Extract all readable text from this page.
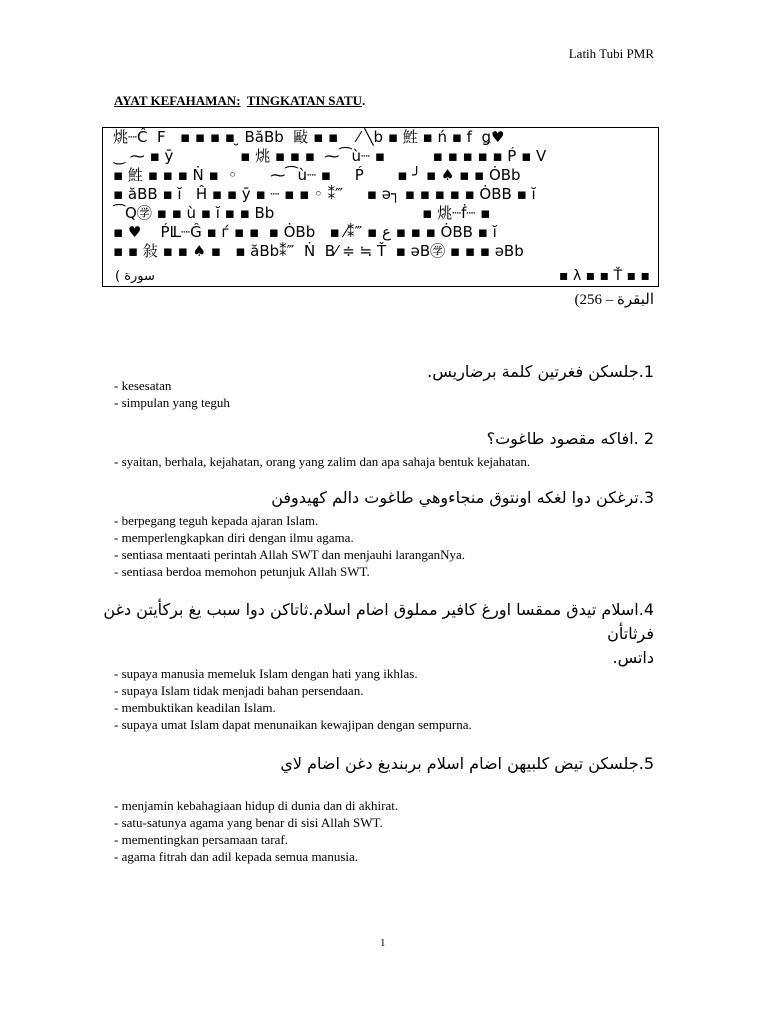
Latih Tubi PMR
AYAT KEFAHAMAN: TINGKATAN SATU.
烑┈Ĉ  F   ▪ ▪ ▪ ▪ ̮ BăBb  敺 ▪ ▪    ⁄ ╲b ▪ 鮏 ▪ ń ▪ f  ǥ♥
‿ ⁓ ▪ ȳ              ▪ 烑 ▪ ▪ ▪  ⁓⁀ù┈ ▪          ▪ ▪ ▪ ▪ ▪ Ṕ ▪ V
▪ 鮏 ▪ ▪ ▪ Ṅ ▪  ◦       ⁓⁀ù┈ ▪     Ṕ       ▪ ╯ ▪ ♠ ▪ ▪ ȮBb
▪ ăBB ▪ ĭ   Ĥ ▪ ▪ ȳ ▪ ┈ ▪ ▪ ◦ ⁑‴     ▪ ə┐ ▪ ▪ ▪ ▪ ▪ ȮBB ▪ ĭ
⁀Q㊫ ▪ ▪ ù ▪ ĭ ▪ ▪ Bb                               ▪ 烑┈ḟ┈ ▪
▪ ♥    ṔỺ┈Ĝ ▪ ѓ ▪ ▪  ▪ ȮBb   ▪ ⁄⁑‴ ▪ ع ▪ ▪ ▪ ȮBB ▪ ĭ
▪ ▪ 敍 ▪ ▪ ♠ ▪   ▪ ăBb⁑‴  Ṅ  B⁄ ≑ ≒ Ť  ▪ əB㊫ ▪ ▪ ▪ əBb
سورة )	▪ λ ▪ ▪ Ť ▪ ▪
البقرة – 256)
1.جلسكن فغرتين كلمة برضاريس.
- kesesatan
- simpulan yang teguh
2 .افاكه مقصود طاغوت؟
- syaitan, berhala, kejahatan, orang yang zalim dan apa sahaja bentuk kejahatan.
3.ترغكن دوا لغكه اونتوق منجاءوهي طاغوت دالم كهيدوفن
- berpegang teguh kepada ajaran Islam.
- memperlengkapkan diri dengan ilmu agama.
- sentiasa mentaati perintah Allah SWT dan menjauhi laranganNya.
- sentiasa berdoa memohon petunjuk Allah SWT.
4.اسلام تيدق ممقسا اورغ كافير مملوق اضام اسلام.ثاتاكن دوا سبب يغ بركأيتن دغن
فرثاتأن
داتس.
- supaya manusia memeluk Islam dengan hati yang ikhlas.
- supaya Islam tidak menjadi bahan persendaan.
- membuktikan keadilan Islam.
- supaya umat Islam dapat menunaikan kewajipan dengan sempurna.
5.جلسكن تيض كلبيهن اضام اسلام بربنديغ دغن اضام لاي
- menjamin kebahagiaan hidup di dunia dan di akhirat.
- satu-satunya agama yang benar di sisi Allah SWT.
- mementingkan persamaan taraf.
- agama fitrah dan adil kepada semua manusia.
1
